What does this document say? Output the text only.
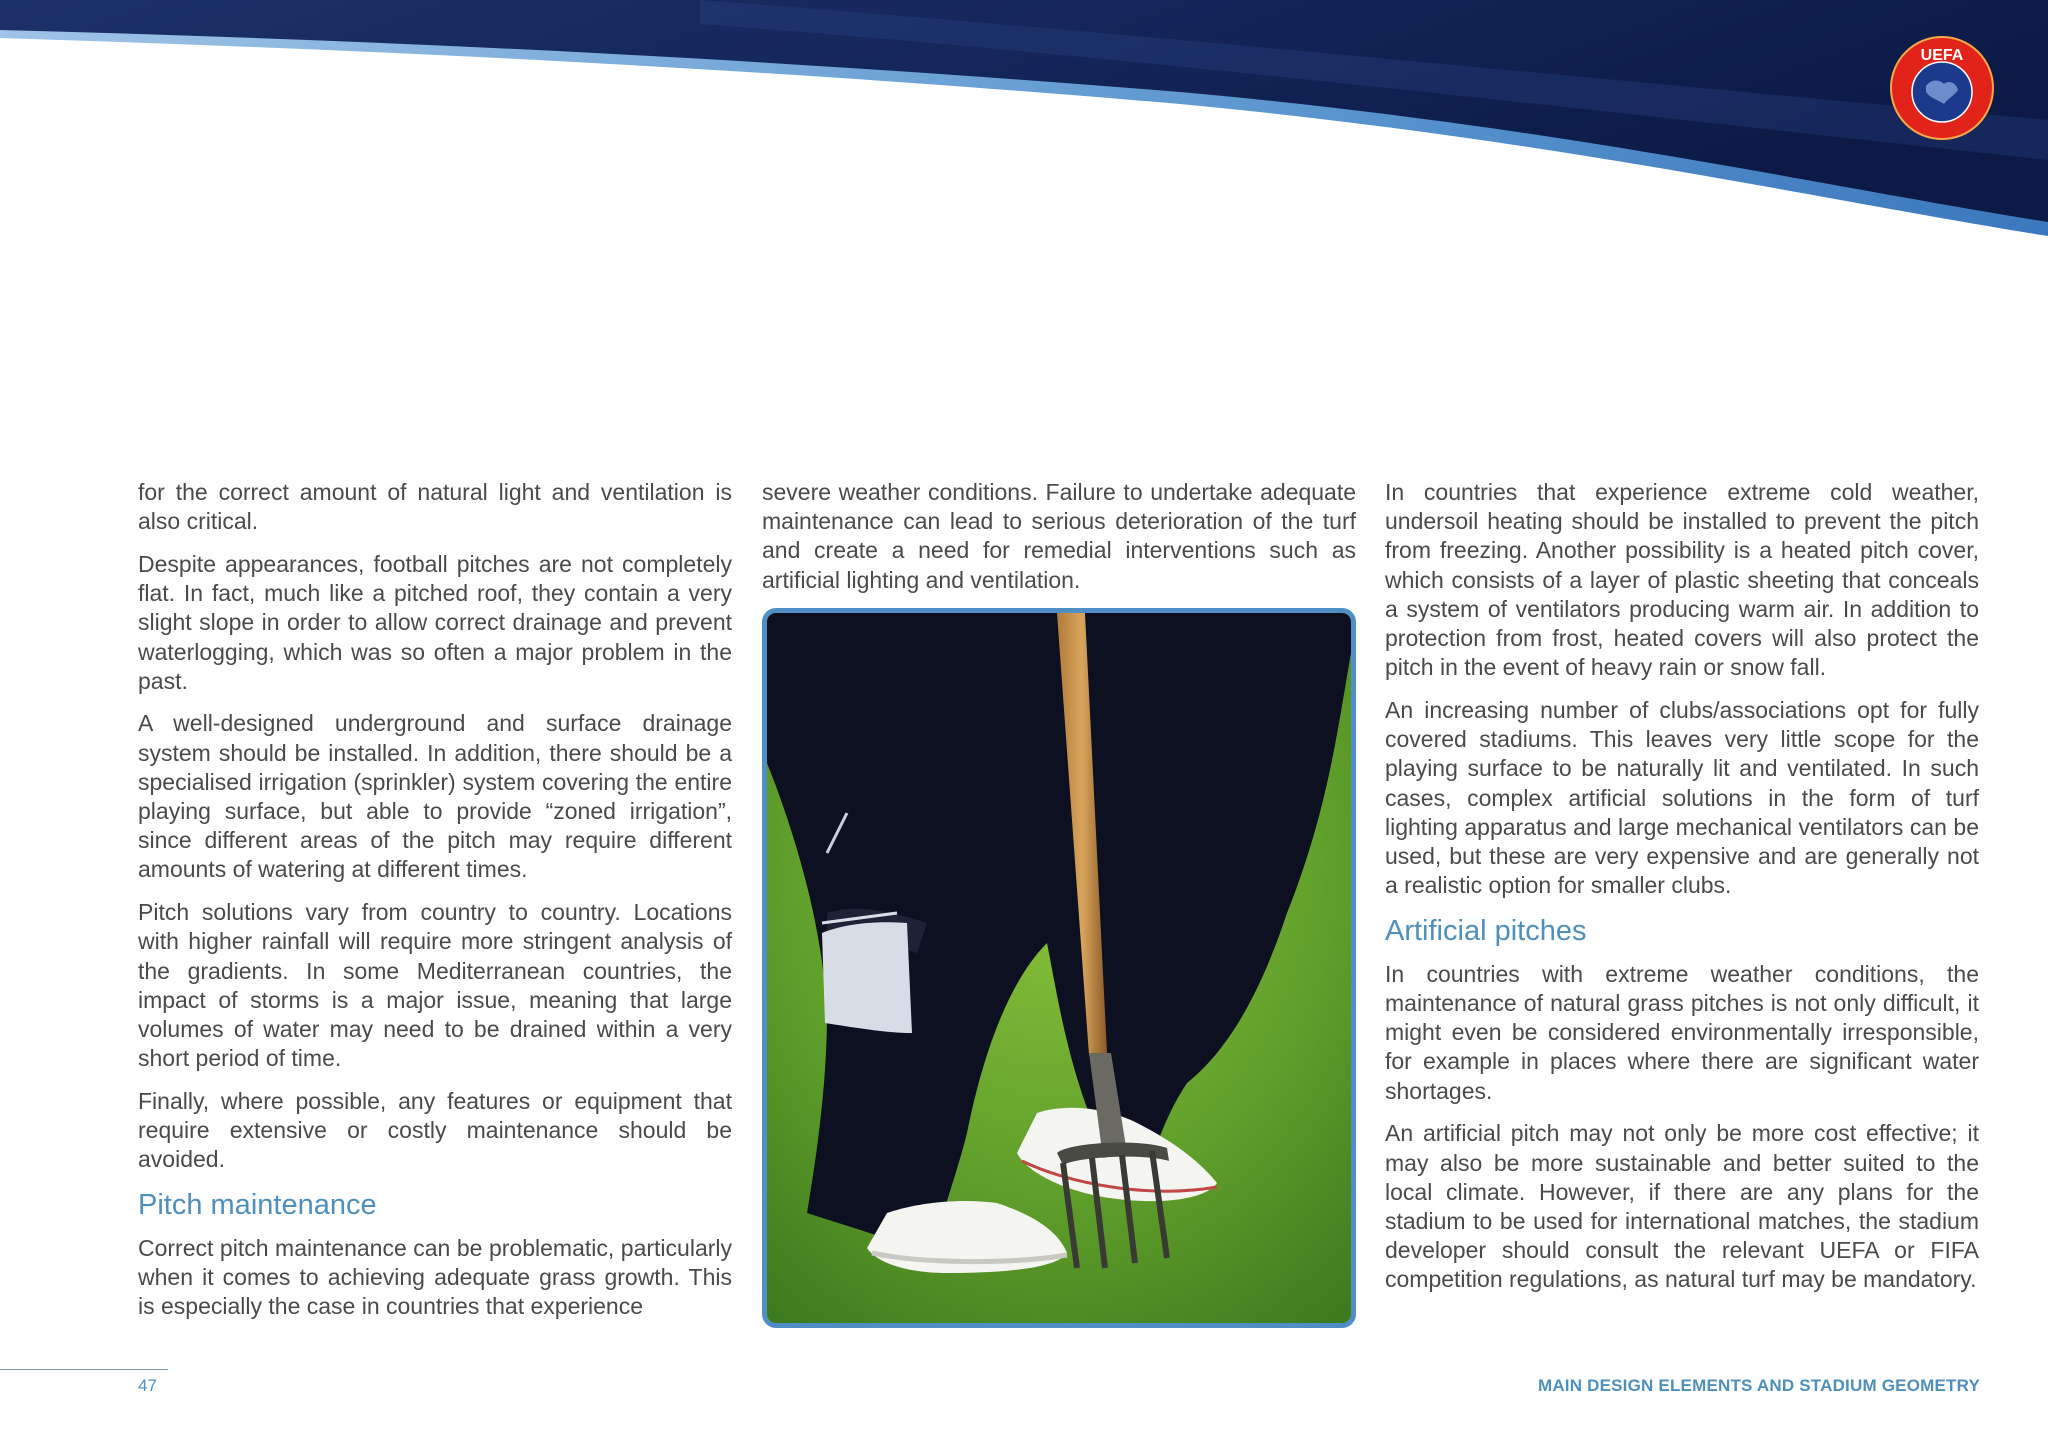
UEFA

for the correct amount of natural light and ventilation is also critical.

Despite appearances, football pitches are not completely flat. In fact, much like a pitched roof, they contain a very slight slope in order to allow correct drainage and prevent waterlogging, which was so often a major problem in the past.

A well-designed underground and surface drainage system should be installed. In addition, there should be a specialised irrigation (sprinkler) system covering the entire playing surface, but able to provide “zoned irrigation”, since different areas of the pitch may require different amounts of watering at different times.

Pitch solutions vary from country to country. Locations with higher rainfall will require more stringent analysis of the gradients. In some Mediterranean countries, the impact of storms is a major issue, meaning that large volumes of water may need to be drained within a very short period of time.

Finally, where possible, any features or equipment that require extensive or costly maintenance should be avoided.

Pitch maintenance

Correct pitch maintenance can be problematic, particularly when it comes to achieving adequate grass growth. This is especially the case in countries that experience

severe weather conditions. Failure to undertake adequate maintenance can lead to serious deterioration of the turf and create a need for remedial interventions such as artificial lighting and ventilation.

In countries that experience extreme cold weather, undersoil heating should be installed to prevent the pitch from freezing. Another possibility is a heated pitch cover, which consists of a layer of plastic sheeting that conceals a system of ventilators producing warm air. In addition to protection from frost, heated covers will also protect the pitch in the event of heavy rain or snow fall.

An increasing number of clubs/associations opt for fully covered stadiums. This leaves very little scope for the playing surface to be naturally lit and ventilated. In such cases, complex artificial solutions in the form of turf lighting apparatus and large mechanical ventilators can be used, but these are very expensive and are generally not a realistic option for smaller clubs.

Artificial pitches

In countries with extreme weather conditions, the maintenance of natural grass pitches is not only difficult, it might even be considered environmentally irresponsible, for example in places where there are significant water shortages.

An artificial pitch may not only be more cost effective; it may also be more sustainable and better suited to the local climate. However, if there are any plans for the stadium to be used for international matches, the stadium developer should consult the relevant UEFA or FIFA competition regulations, as natural turf may be mandatory.

47	MAIN DESIGN ELEMENTS AND STADIUM GEOMETRY
